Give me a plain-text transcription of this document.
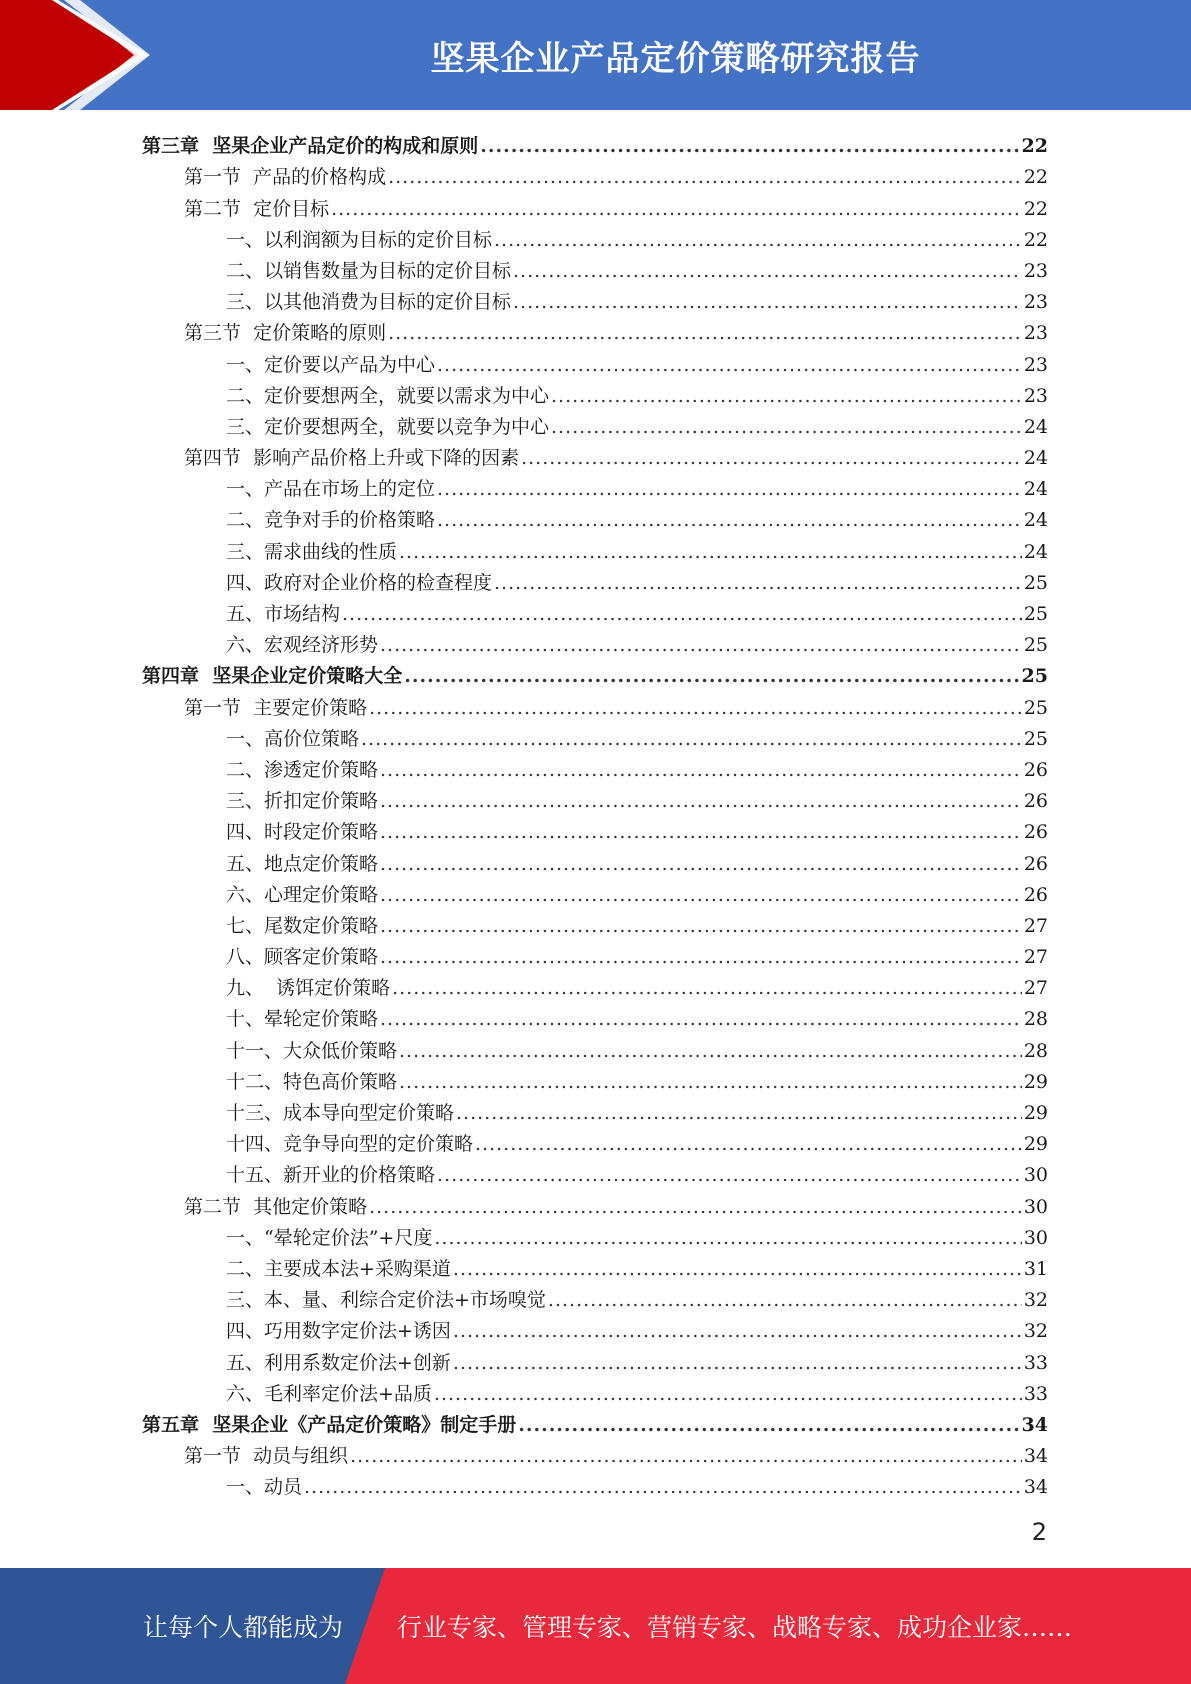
坚果企业产品定价策略研究报告
第三章  坚果企业产品定价的构成和原则 .....	22
第一节  产品的价格构成 .....	22
第二节  定价目标 .....	22
一、以利润额为目标的定价目标 .....	22
二、以销售数量为目标的定价目标 .....	23
三、以其他消费为目标的定价目标 .....	23
第三节  定价策略的原则 .....	23
一、定价要以产品为中心 .....	23
二、定价要想两全，就要以需求为中心 .....	23
三、定价要想两全，就要以竞争为中心 .....	24
第四节  影响产品价格上升或下降的因素 .....	24
一、产品在市场上的定位 .....	24
二、竞争对手的价格策略 .....	24
三、需求曲线的性质 .....	24
四、政府对企业价格的检查程度 .....	25
五、市场结构 .....	25
六、宏观经济形势 .....	25
第四章  坚果企业定价策略大全 .....	25
第一节  主要定价策略 .....	25
一、高价位策略 .....	25
二、渗透定价策略 .....	26
三、折扣定价策略 .....	26
四、时段定价策略 .....	26
五、地点定价策略 .....	26
六、心理定价策略 .....	26
七、尾数定价策略 .....	27
八、顾客定价策略 .....	27
九、  诱饵定价策略 .....	27
十、晕轮定价策略 .....	28
十一、大众低价策略 .....	28
十二、特色高价策略 .....	29
十三、成本导向型定价策略 .....	29
十四、竞争导向型的定价策略 .....	29
十五、新开业的价格策略 .....	30
第二节  其他定价策略 .....	30
一、“晕轮定价法”+尺度 .....	30
二、主要成本法+采购渠道 .....	31
三、本、量、利综合定价法+市场嗅觉 .....	32
四、巧用数字定价法+诱因 .....	32
五、利用系数定价法+创新 .....	33
六、毛利率定价法+品质 .....	33
第五章  坚果企业《产品定价策略》制定手册 .....	34
第一节  动员与组织 .....	34
一、动员 .....	34
2
让每个人都能成为 行业专家、管理专家、营销专家、战略专家、成功企业家……
